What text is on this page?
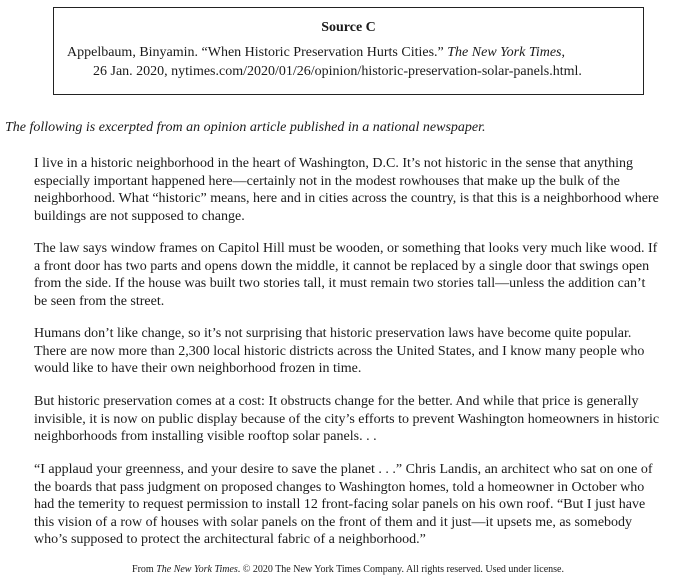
Source C
Appelbaum, Binyamin. “When Historic Preservation Hurts Cities.” The New York Times,
26 Jan. 2020, nytimes.com/2020/01/26/opinion/historic-preservation-solar-panels.html.
The following is excerpted from an opinion article published in a national newspaper.
I live in a historic neighborhood in the heart of Washington, D.C. It’s not historic in the sense that anything
especially important happened here—certainly not in the modest rowhouses that make up the bulk of the
neighborhood. What “historic” means, here and in cities across the country, is that this is a neighborhood where
buildings are not supposed to change.
The law says window frames on Capitol Hill must be wooden, or something that looks very much like wood. If
a front door has two parts and opens down the middle, it cannot be replaced by a single door that swings open
from the side. If the house was built two stories tall, it must remain two stories tall—unless the addition can’t
be seen from the street.
Humans don’t like change, so it’s not surprising that historic preservation laws have become quite popular.
There are now more than 2,300 local historic districts across the United States, and I know many people who
would like to have their own neighborhood frozen in time.
But historic preservation comes at a cost: It obstructs change for the better. And while that price is generally
invisible, it is now on public display because of the city’s efforts to prevent Washington homeowners in historic
neighborhoods from installing visible rooftop solar panels. . .
“I applaud your greenness, and your desire to save the planet . . .” Chris Landis, an architect who sat on one of
the boards that pass judgment on proposed changes to Washington homes, told a homeowner in October who
had the temerity to request permission to install 12 front-facing solar panels on his own roof. “But I just have
this vision of a row of houses with solar panels on the front of them and it just—it upsets me, as somebody
who’s supposed to protect the architectural fabric of a neighborhood.”
From The New York Times. © 2020 The New York Times Company. All rights reserved. Used under license.
